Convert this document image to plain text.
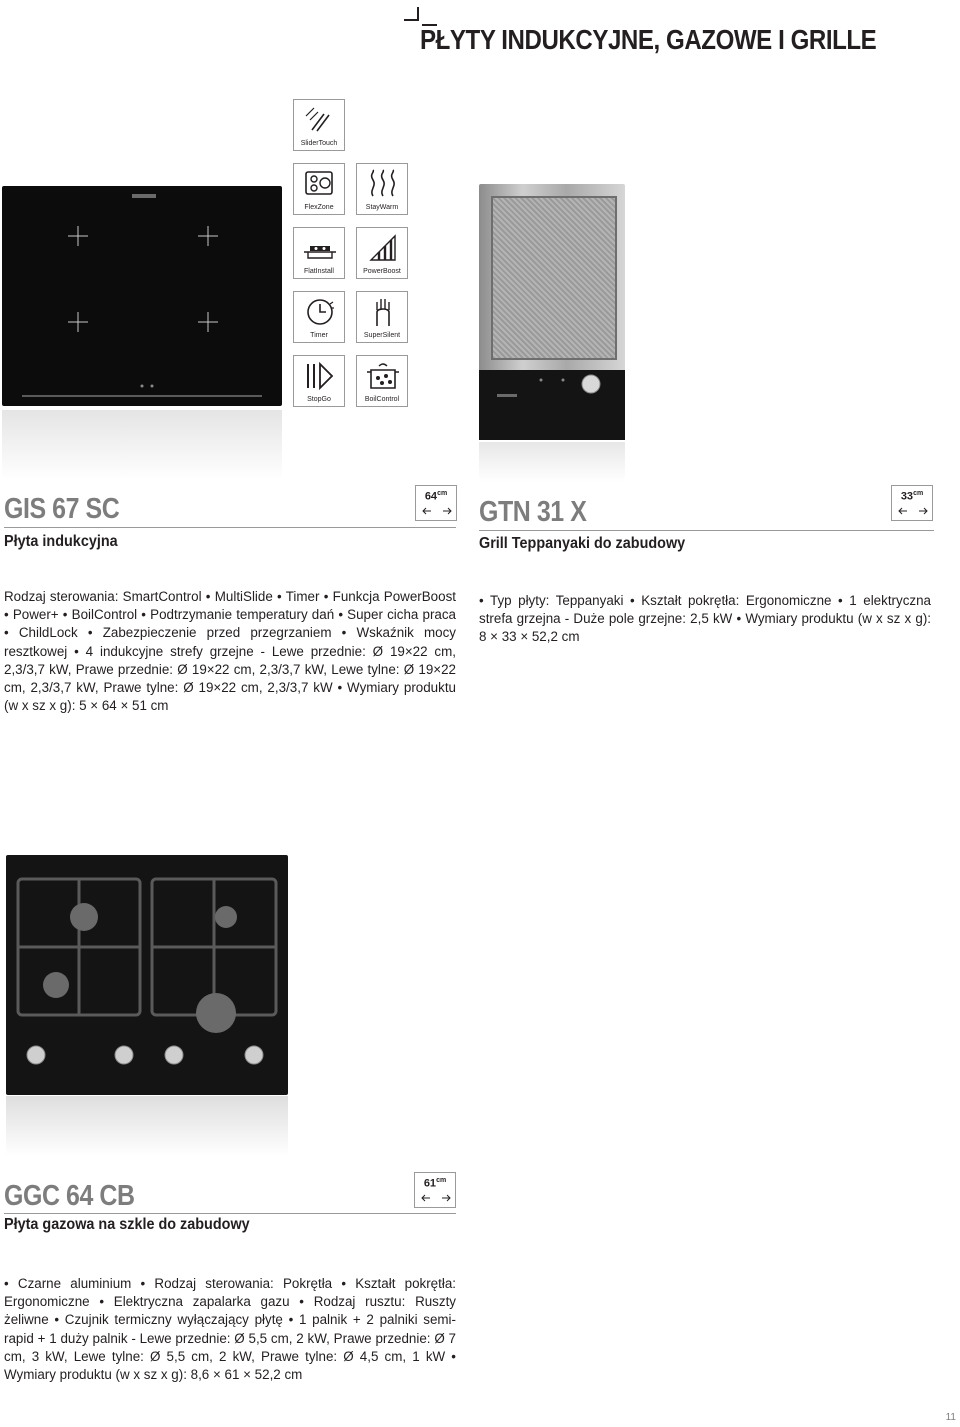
PŁYTY INDUKCYJNE, GAZOWE I GRILLE
SliderTouch
FlexZone	StayWarm
FlatInstall	PowerBoost
Timer	SuperSilent
StopGo	BoilControl
GIS 67 SC	$64^{cm}$
Płyta indukcyjna
GTN 31 X	$33^{cm}$
Grill Teppanyaki do zabudowy
Rodzaj sterowania: SmartControl • MultiSlide • Timer • Funkcja PowerBoost • Power+ • BoilControl • Podtrzymanie temperatury dań • Super cicha praca • ChildLock • Zabezpieczenie przed przegrzaniem • Wskaźnik mocy resztkowej • 4 indukcyjne strefy grzejne - Lewe przednie: Ø 19×22 cm, 2,3/3,7 kW, Prawe przednie: Ø 19×22 cm, 2,3/3,7 kW, Lewe tylne: Ø 19×22 cm, 2,3/3,7 kW, Prawe tylne: Ø 19×22 cm, 2,3/3,7 kW • Wymiary produktu (w x sz x g): 5 × 64 × 51 cm
• Typ płyty: Teppanyaki • Kształt pokrętła: Ergonomiczne • 1 elektryczna strefa grzejna - Duże pole grzejne: 2,5 kW • Wymiary produktu (w x sz x g): 8 × 33 × 52,2 cm
GGC 64 CB	$61^{cm}$
Płyta gazowa na szkle do zabudowy
• Czarne aluminium • Rodzaj sterowania: Pokrętła • Kształt pokrętła: Ergonomiczne • Elektryczna zapalarka gazu • Rodzaj rusztu: Ruszty żeliwne • Czujnik termiczny wyłączający płytę • 1 palnik + 2 palniki semi-rapid + 1 duży palnik - Lewe przednie: Ø 5,5 cm, 2 kW, Prawe przednie: Ø 7 cm, 3 kW, Lewe tylne: Ø 5,5 cm, 2 kW, Prawe tylne: Ø 4,5 cm, 1 kW • Wymiary produktu (w x sz x g): 8,6 × 61 × 52,2 cm
11
